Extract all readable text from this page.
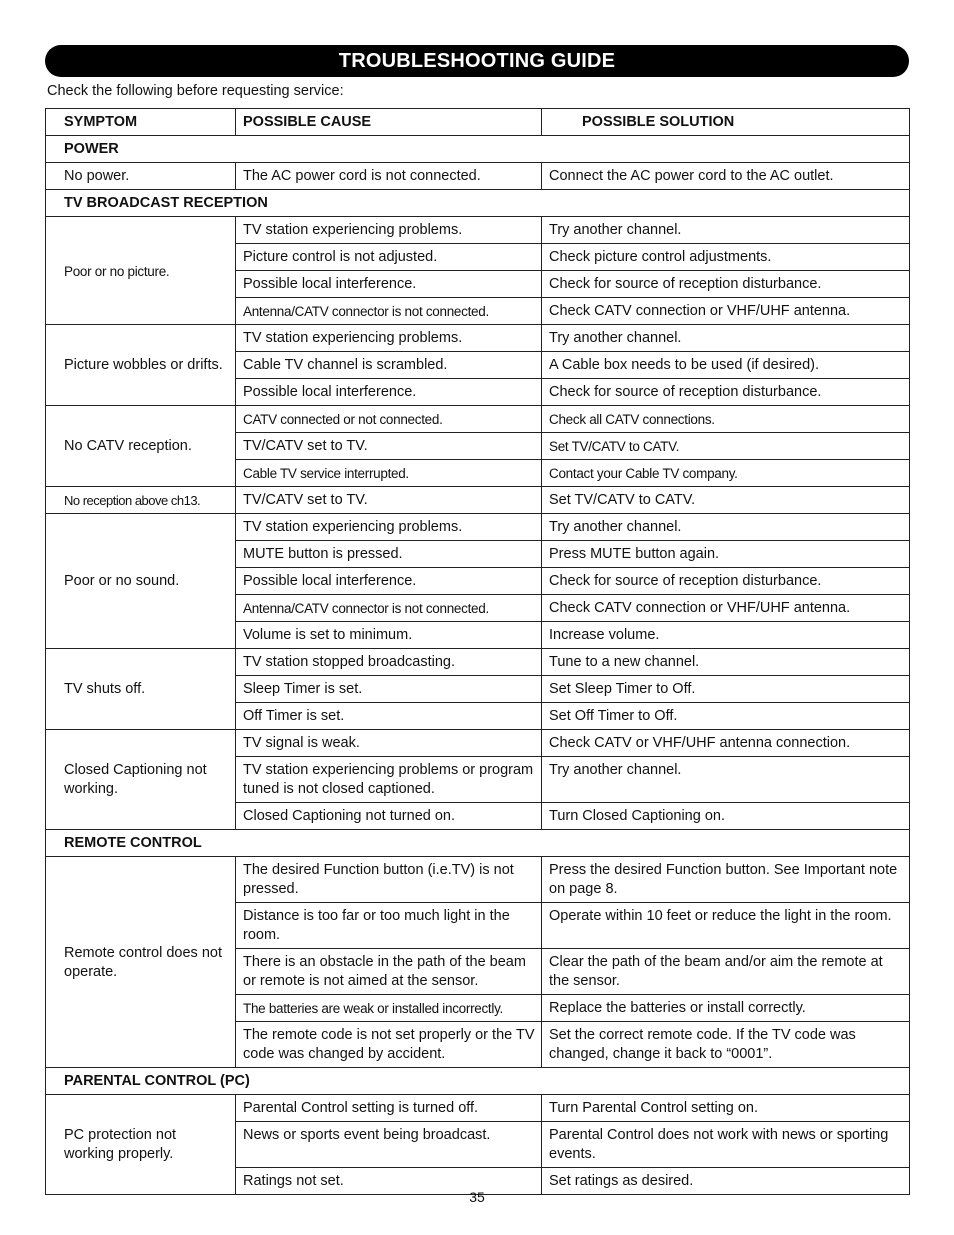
TROUBLESHOOTING GUIDE
Check the following before requesting service:
SYMPTOM	POSSIBLE CAUSE	POSSIBLE SOLUTION
POWER		
No power.	The AC power cord is not connected.	Connect the AC power cord to the AC outlet.
TV BROADCAST RECEPTION		
Poor or no picture.	TV station experiencing problems.	Try another channel.
	Picture control is not adjusted.	Check picture control adjustments.
	Possible local interference.	Check for source of reception disturbance.
	Antenna/CATV connector is not connected.	Check CATV connection or VHF/UHF antenna.
Picture wobbles or drifts.	TV station experiencing problems.	Try another channel.
	Cable TV channel is scrambled.	A Cable box needs to be used (if desired).
	Possible local interference.	Check for source of reception disturbance.
No CATV reception.	CATV connected or not connected.	Check all CATV connections.
	TV/CATV set to TV.	Set TV/CATV to CATV.
	Cable TV service interrupted.	Contact your Cable TV company.
No reception above ch13.	TV/CATV set to TV.	Set TV/CATV to CATV.
Poor or no sound.	TV station experiencing problems.	Try another channel.
	MUTE button is pressed.	Press MUTE button again.
	Possible local interference.	Check for source of reception disturbance.
	Antenna/CATV connector is not connected.	Check CATV connection or VHF/UHF antenna.
	Volume is set to minimum.	Increase volume.
TV shuts off.	TV station stopped broadcasting.	Tune to a new channel.
	Sleep Timer is set.	Set Sleep Timer to Off.
	Off Timer is set.	Set Off Timer to Off.
Closed Captioning not working.	TV signal is weak.	Check CATV or VHF/UHF antenna connection.
	TV station experiencing problems or program tuned is not closed captioned.	Try another channel.
	Closed Captioning not turned on.	Turn Closed Captioning on.
REMOTE CONTROL		
Remote control does not operate.	The desired Function button (i.e.TV) is not pressed.	Press the desired Function button. See Important note on page 8.
	Distance is too far or too much light in the room.	Operate within 10 feet or reduce the light in the room.
	There is an obstacle in the path of the beam or remote is not aimed at the sensor.	Clear the path of the beam and/or aim the remote at the sensor.
	The batteries are weak or installed incorrectly.	Replace the batteries or install correctly.
	The remote code is not set properly or the TV code was changed by accident.	Set the correct remote code. If the TV code was changed, change it back to “0001”.
PARENTAL CONTROL (PC)		
PC protection not working properly.	Parental Control setting is turned off.	Turn Parental Control setting on.
	News or sports event being broadcast.	Parental Control does not work with news or sporting events.
	Ratings not set.	Set ratings as desired.
35
